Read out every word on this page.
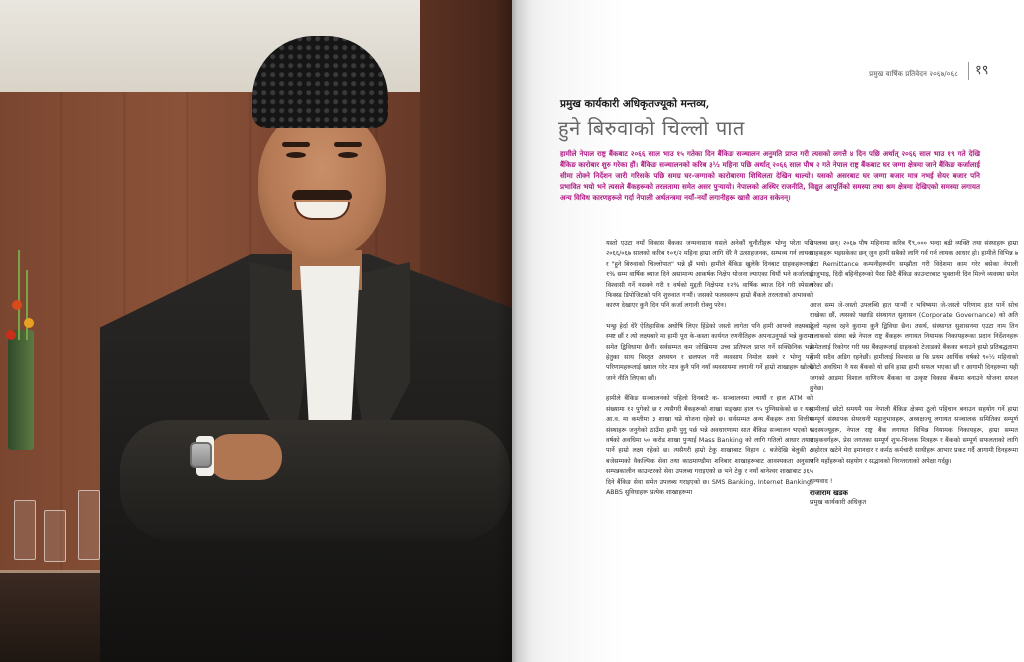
प्रमुख वार्षिक प्रतिवेदन २०६७/०६८	१९
प्रमुख कार्यकारी अधिकृतज्यूको मन्तव्य,
हुने बिरुवाको चिल्लो पात
हामीले नेपाल राष्ट्र बैंकबाट २०६६ साल भाउ १५ गतेका दिन बैंकिङ सञ्चालन अनुमति प्राप्त गरी त्यसको लगत्तै ४ दिन पछि अर्थात् २०६६ साल भाउ १९ गते देखि बैंकिङ कारोबार शुरु गरेका हौं। बैंकिङ सञ्चालनको करिब ३½ महिना पछि अर्थात् २०६६ साल पौष २ गते नेपाल राष्ट्र बैंकबाट घर जग्गा क्षेत्रमा जाने बैंकिङ कर्जालाई सीमा तोक्ने निर्देशन जारी गरिसके पछि समग्र घर-जग्गाको कारोबारमा शिथिलता देखिन थाल्यो। यसको असरबाट घर जग्गा बजार मात्र नभई सेयर बजार पनि प्रभावित भयो भने त्यसले बैंकहरूको तरलतामा समेत असर पुर्‍यायो। नेपालको अस्थिर राजनीति, विद्युत आपूर्तिको समस्या तथा श्रम क्षेत्रमा देखिएको समस्या लगायत अन्य विविध कारणहरूले गर्दा नेपाली अर्थतन्त्रमा नयाँ-नयाँ लगानीहरू खासै आउन सकेनन्।

यस्तो एउटा नयाँ विकास बैंकका जन्मनासाथ यसले अनेकौं चुनौतीहरू भोग्नु परेता पनि २०६६/०६७ सालको करिब १०१/२ महिना हाम्रा लागि धेरै नै उत्साहजनक, सम्भव्य गर्न लायक र "हुने बिरुवाको चिल्लोपात" भन्ने झैं भयो। हामीले बैंकिङ खुलेकै दिनबाट ग्राहकहरूलाई १% सम्म वार्षिक ब्याज दिने असामान्य आकर्षक निक्षेप योजना ल्याएका थियौं भने कर्जालाई विश्वासी गर्ने नसक्ने गरी १ वर्षको मुद्दती निक्षेपमा १२% वार्षिक ब्याज दिने गरी स्पेसल फिक्स्ड डिपोजिटको पनि शुरुवात गर्‍यौं। जसको फलस्वरूप हाम्रो बैंकले तरलताको अभावको कारण देखाएर कुनै दिन पनि कर्जा लगानी रोक्नु परेन।

भन्छु हेर्दा धेरै ऐतिहासिक अघोषि लिएर हिंडेको जस्तो लागेता पनि हामी आफ्नो लक्ष्यबारे स्पष्ट छौं र त्यो लक्ष्यबारे मा हामी पूरा के-कस्ता कार्यगत रणनीतिहरू अपनाउनुपर्छ भन्ने कुरामा समेत द्विविधामा छैनौं। सर्वसम्मत कम जोखिममा उच्च प्रतिफल प्राप्त गर्ने सक्छिनिक भन्ने हेतुका साथ विस्तृत अध्ययन र छलफल गरी व्यवसाय निमोल सक्ने र भोग्नु पर्ने परिणामहरूलाई ख्याल गरेर मात्र कुनै पनि नयाँ व्यवसायमा लगानी गर्ने हाम्रो शाखाहरू खोल्दै जाने नीति लिएका छौं।

हामीले बैंकिङ सञ्चालनको पहिलो दिनबाटै क- सञ्चालनमा ल्यायौं र हाल ATM को संख्यामा १२ पुगेको छ र त्यसैगरी बैंकहरूको शाखा सङ्ख्या हाल ९५ पुग्निसकेको छ र यस आ.व. मा कम्तीमा ३ शाखा थप्ने योजना रहेको छ। सर्वसम्मत अन्य बैंकहरू तथा वित्तीय संस्थाहरू जनुगेको ठाउँमा हामी पुगु पर्छ भन्ने अवधारणामा सात बैंकिङ सञ्चालन भएको ५ वर्षको अवधिमा ५० करोड शाखा पुऱ्याई Mass Banking को लागि गतिलो आधार तयार पार्ने हाम्रो लक्ष्य रहेको छ। त्यसैगरी हाम्रो टेकु शाखाबाट विहान ८ बजेदेखि बेलुकी ८ बजेसम्मको वैकल्पिक सेवा तथा काठमाण्डौमा शनिबार शाखाहरूबाट आवश्यकता अनुसार सम्पन्नकालीन काउन्टरको सेवा उपलब्ध गराइएको छ भने टेकु र नयाँ बानेश्वर शाखाबाट ३६५ दिने बैंकिङ सेवा समेत उपलब्ध गराइएको छ। SMS Banking, Internet Banking, ABBS सुविधाहरू प्रत्येक शाखाहरूमा

उपलब्ध छन्। २०६७ पौष महिनामा करिब ₹९,००० भन्दा बढी व्यक्ति तथा संस्थाहरू हाम्रा ग्राहकहरू भइसकेका छन् जुन हामी सबैको लागि गर्व गर्न लायक आधार हो। हामीले विभिन्न ७ वटा Remittance कम्पनीहरूसँग सम्झौता गरी विदेशमा काम गरेर बसेका नेपाली दाजुभाइ, दिदी बहिनीहरूको पैसा छिटै बैंकिङ काउन्टरबाट भुक्तानी दिन मिल्ने व्यवस्था समेत गरेका छौं।

आज सम्म जे-जस्तो उपलब्धि हात पार्‍यौं र भविष्यमा जे-जस्तो परिणाम हात पार्ने सोच राखेका छौं, त्यसको पछाडि संस्थागत सुशासन (Corporate Governance) को अति ठूलो महत्त्व रहने कुरामा कुनै द्विविधा छैन। तसर्थ, संस्थागत सुशासनमा एउटा नाम तिन तलाकको संस्था बन्ने नेपाल राष्ट्र बैंकहरू लगायत नियामक निकायहरूका प्रदान निर्देशनहरू समेतलाई रिकोगर गरी यस बैंकहरूलाई ग्राहकको टेजाडको बैंकका बनाउने हाम्रो प्रतिबद्धतामा हामी सदैव अडिग रहनेछौं। हामीलाई विश्वास छ कि प्रथम आर्थिक वर्षको ९०½ महिनाको छोटो अवधिमा नै यस बैंकको यो छवि हाम्रा हामी सफल भएका छौं र आगामी दिनहरूमा यही जगको आडमा विशाल वाणिज्य बैंकका वा उत्कृष्ट विकास बैंकमा बनाउने योजना सफल हुनेछ।

हामीलाई छोटो समयमै यस नेपाली बैंकिङ क्षेत्रमा ठूलो पहिचान बनाउन सहयोग गर्ने हाम्रा सम्पूर्ण संस्थापक सेयरधनी महानुभावहरू, अध्यक्षज्यू लगायत सञ्चालक समितिका सम्पूर्ण सदस्यज्यूहरू, नेपाल राष्ट्र बैंक लगायत विभिन्न नियामक निकायहरू, हाम्रा सम्मत ग्राहकवर्गहरू, प्रेस जगतका सम्पूर्ण शुभ-चिन्तक मित्रहरू र बैंकको सम्पूर्ण सफलताको लागि अहोरात्र खटेने मेरा इमानदार र कर्मठ कर्मचारी साथीहरू आभार प्रकट गर्दै आगामी दिनहरूमा पनि यहाँहरूको सहयोग र सद्भावको निरन्तरताको अपेक्षा गर्दछु।

धन्यवाद !
राजाराम खडक
प्रमुख कार्यकारी अधिकृत
